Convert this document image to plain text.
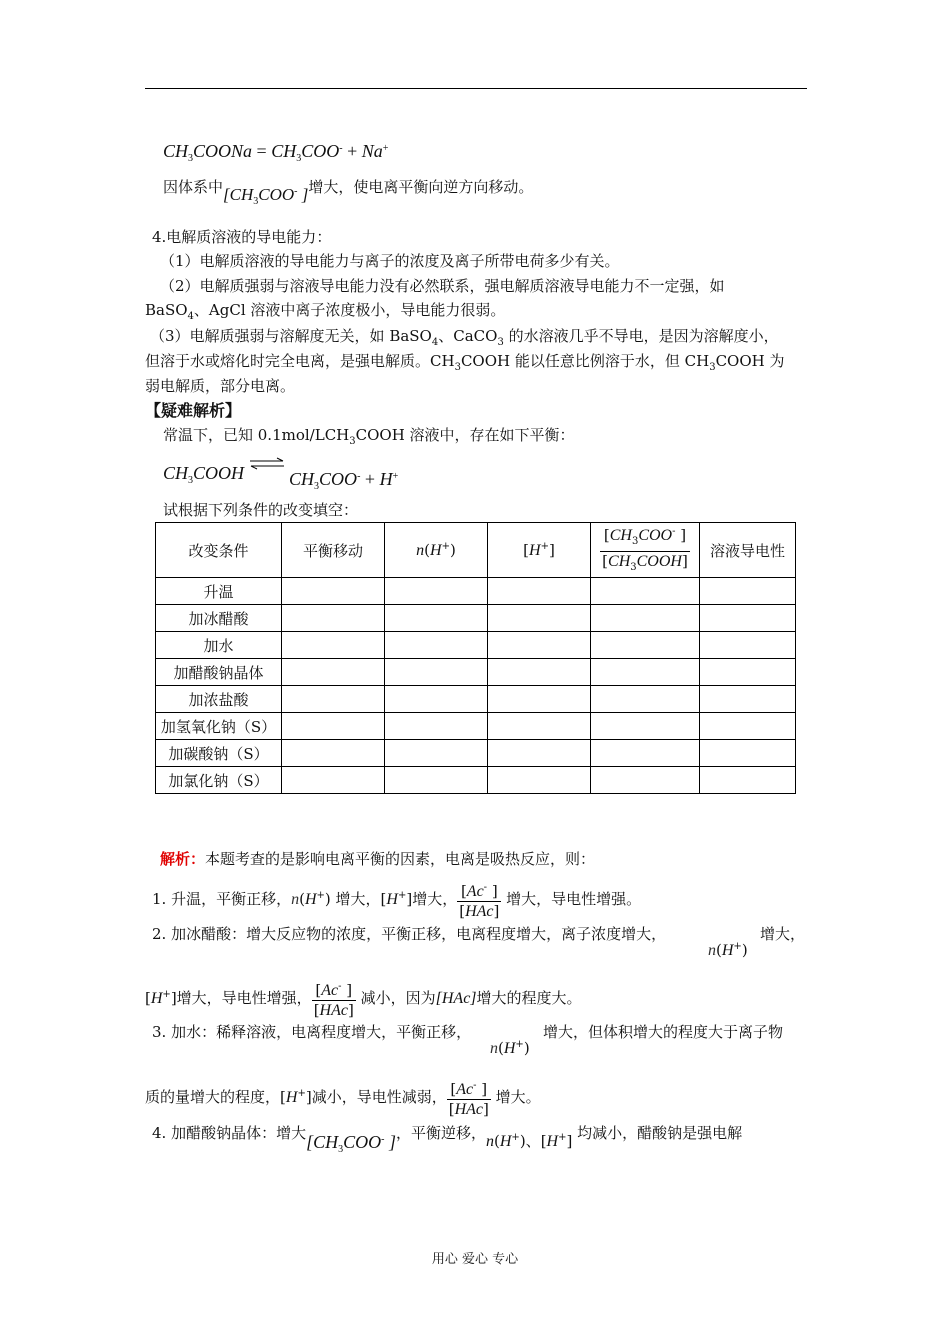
$CH_3COONa = CH_3COO^- + Na^+$
因体系中[$CH_3COO^-$ ]增大，使电离平衡向逆方向移动。
4.电解质溶液的导电能力：
（1）电解质溶液的导电能力与离子的浓度及离子所带电荷多少有关。
（2）电解质强弱与溶液导电能力没有必然联系，强电解质溶液导电能力不一定强，如
BaSO$_4$、AgCl 溶液中离子浓度极小，导电能力很弱。
（3）电解质强弱与溶解度无关，如 BaSO$_4$、CaCO$_3$ 的水溶液几乎不导电，是因为溶解度小，
但溶于水或熔化时完全电离，是强电解质。$CH_3COOH$ 能以任意比例溶于水，但 $CH_3COOH$ 为
弱电解质，部分电离。
【疑难解析】
常温下，已知 $0.1mol/LCH_3COOH$ 溶液中，存在如下平衡：
$CH_3COOH$ ⇌ $CH_3COO^- + H^+$
试根据下列条件的改变填空：
改变条件	平衡移动	n(H+)	[H+]	[$CH_3COO^-$ ]
$[CH_3COOH]$	溶液导电性
升温					
加冰醋酸					
加水					
加醋酸钠晶体					
加浓盐酸					
加氢氧化钠（S）					
加碳酸钠（S）					
加氯化钠（S）					
解析：本题考查的是影响电离平衡的因素，电离是吸热反应，则：
1. 升温，平衡正移，n(H+) 增大，[H+]增大， [Ac- ]
[HAc]
增大，导电性增强。
2. 加冰醋酸：增大反应物的浓度，平衡正移，电离程度增大，离子浓度增大，
n(H+)
增大，
[H+]增大，导电性增强， [Ac- ]
[HAc]
减小，因为[HAc]增大的程度大。
3. 加水：稀释溶液，电离程度增大，平衡正移，
n(H+)
增大，但体积增大的程度大于离子物
质的量增大的程度，[H+]减小，导电性减弱， [Ac- ]
[HAc]
增大。
4. 加醋酸钠晶体：增大[$CH_3COO^-$ ]，平衡逆移，n(H+)、[H+] 均减小，醋酸钠是强电解
用心 爱心 专心
